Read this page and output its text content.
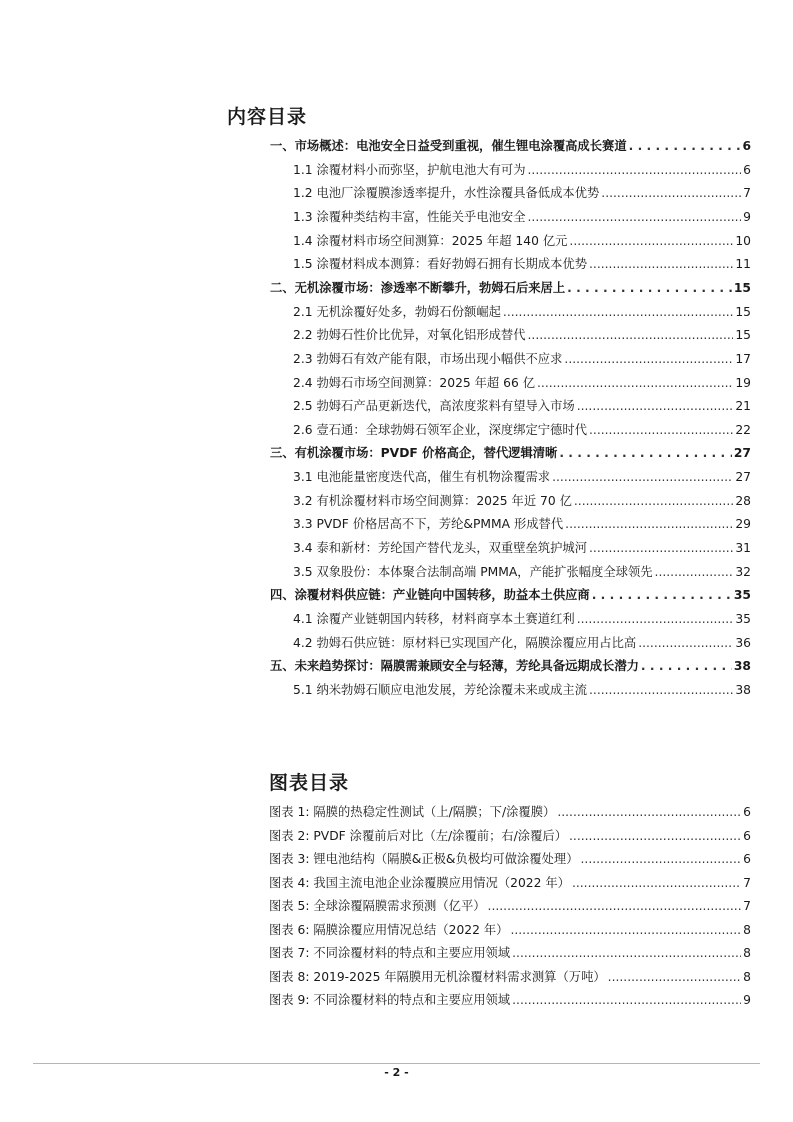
内容目录
一、市场概述：电池安全日益受到重视，催生锂电涂覆高成长赛道 . . .	6
1.1 涂覆材料小而弥坚，护航电池大有可为 .....	6
1.2 电池厂涂覆膜渗透率提升，水性涂覆具备低成本优势 .....	7
1.3 涂覆种类结构丰富，性能关乎电池安全 .....	9
1.4 涂覆材料市场空间测算：2025 年超 140 亿元 .....	10
1.5 涂覆材料成本测算：看好勃姆石拥有长期成本优势 .....	11
二、无机涂覆市场：渗透率不断攀升，勃姆石后来居上 . . .	15
2.1 无机涂覆好处多，勃姆石份额崛起 .....	15
2.2 勃姆石性价比优异，对氧化铝形成替代 .....	15
2.3 勃姆石有效产能有限，市场出现小幅供不应求 .....	17
2.4 勃姆石市场空间测算：2025 年超 66 亿 .....	19
2.5 勃姆石产品更新迭代，高浓度浆料有望导入市场 .....	21
2.6 壹石通：全球勃姆石领军企业，深度绑定宁德时代 .....	22
三、有机涂覆市场：PVDF 价格高企，替代逻辑清晰 . . .	27
3.1 电池能量密度迭代高，催生有机物涂覆需求 .....	27
3.2 有机涂覆材料市场空间测算：2025 年近 70 亿 .....	28
3.3 PVDF 价格居高不下，芳纶&PMMA 形成替代 .....	29
3.4 泰和新材：芳纶国产替代龙头，双重壁垒筑护城河 .....	31
3.5 双象股份：本体聚合法制高端 PMMA，产能扩张幅度全球领先 .....	32
四、涂覆材料供应链：产业链向中国转移，助益本土供应商 . . .	35
4.1 涂覆产业链朝国内转移，材料商享本土赛道红利 .....	35
4.2 勃姆石供应链：原材料已实现国产化，隔膜涂覆应用占比高 .....	36
五、未来趋势探讨：隔膜需兼顾安全与轻薄，芳纶具备远期成长潜力 . . .	38
5.1 纳米勃姆石顺应电池发展，芳纶涂覆未来或成主流 .....	38
图表目录
图表 1: 隔膜的热稳定性测试（上/隔膜；下/涂覆膜） .....	6
图表 2: PVDF 涂覆前后对比（左/涂覆前；右/涂覆后） .....	6
图表 3: 锂电池结构（隔膜&正极&负极均可做涂覆处理） .....	6
图表 4: 我国主流电池企业涂覆膜应用情况（2022 年） .....	7
图表 5: 全球涂覆隔膜需求预测（亿平） .....	7
图表 6: 隔膜涂覆应用情况总结（2022 年） .....	8
图表 7: 不同涂覆材料的特点和主要应用领域 .....	8
图表 8: 2019-2025 年隔膜用无机涂覆材料需求测算（万吨） .....	8
图表 9: 不同涂覆材料的特点和主要应用领域 .....	9
- 2 -
